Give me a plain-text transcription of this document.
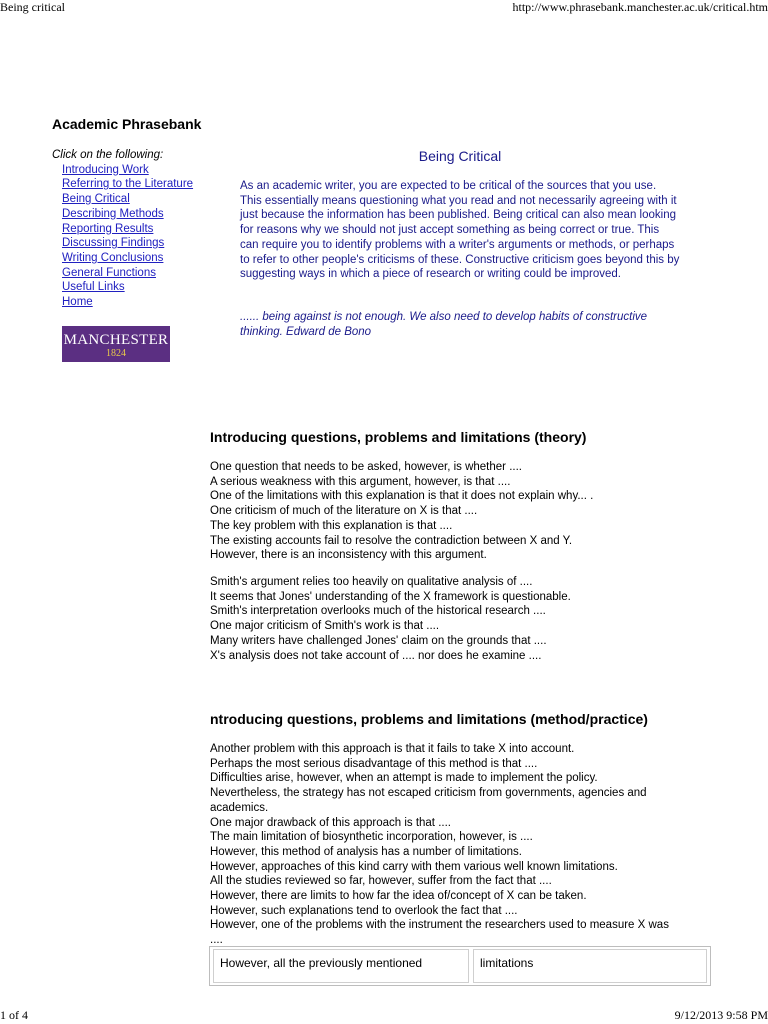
Being critical	http://www.phrasebank.manchester.ac.uk/critical.htm
Academic Phrasebank
Click on the following:
Introducing Work
Referring to the Literature
Being Critical
Describing Methods
Reporting Results
Discussing Findings
Writing Conclusions
General Functions
Useful Links
Home
MANCHESTER
1824
Being Critical

As an academic writer, you are expected to be critical of the sources that you use. This essentially means questioning what you read and not necessarily agreeing with it just because the information has been published. Being critical can also mean looking for reasons why we should not just accept something as being correct or true. This can require you to identify problems with a writer's arguments or methods, or perhaps to refer to other people's criticisms of these. Constructive criticism goes beyond this by suggesting ways in which a piece of research or writing could be improved.

...... being against is not enough. We also need to develop habits of constructive thinking. Edward de Bono

Introducing questions, problems and limitations (theory)
One question that needs to be asked, however, is whether ....
A serious weakness with this argument, however, is that ....
One of the limitations with this explanation is that it does not explain why... .
One criticism of much of the literature on X is that ....
The key problem with this explanation is that ....
The existing accounts fail to resolve the contradiction between X and Y.
However, there is an inconsistency with this argument.
Smith's argument relies too heavily on qualitative analysis of ....
It seems that Jones' understanding of the X framework is questionable.
Smith's interpretation overlooks much of the historical research ....
One major criticism of Smith's work is that ....
Many writers have challenged Jones' claim on the grounds that ....
X's analysis does not take account of .... nor does he examine ....
ntroducing questions, problems and limitations (method/practice)
Another problem with this approach is that it fails to take X into account.
Perhaps the most serious disadvantage of this method is that ....
Difficulties arise, however, when an attempt is made to implement the policy.
Nevertheless, the strategy has not escaped criticism from governments, agencies and academics.
One major drawback of this approach is that ....
The main limitation of biosynthetic incorporation, however, is ....
However, this method of analysis has a number of limitations.
However, approaches of this kind carry with them various well known limitations.
All the studies reviewed so far, however, suffer from the fact that ....
However, there are limits to how far the idea of/concept of X can be taken.
However, such explanations tend to overlook the fact that ....
However, one of the problems with the instrument the researchers used to measure X was ....
However, all the previously mentioned	limitations
1 of 4	9/12/2013 9:58 PM
